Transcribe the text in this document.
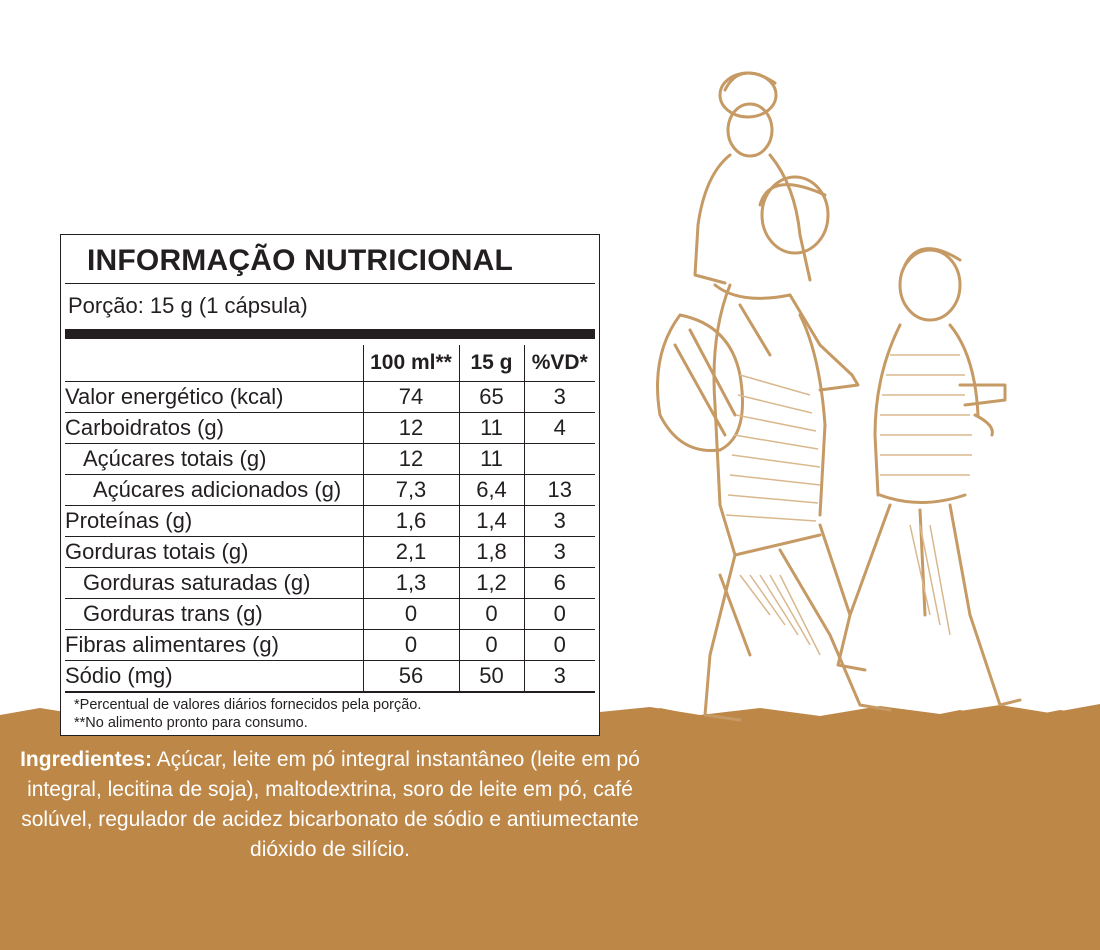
INFORMAÇÃO NUTRICIONAL
Porção: 15 g (1 cápsula)
	100 ml**	15 g	%VD*
Valor energético (kcal)	74	65	3
Carboidratos (g)	12	11	4
Açúcares totais (g)	12	11	
Açúcares adicionados (g)	7,3	6,4	13
Proteínas (g)	1,6	1,4	3
Gorduras totais (g)	2,1	1,8	3
Gorduras saturadas (g)	1,3	1,2	6
Gorduras trans (g)	0	0	0
Fibras alimentares (g)	0	0	0
Sódio (mg)	56	50	3
*Percentual de valores diários fornecidos pela porção.
**No alimento pronto para consumo.
Ingredientes: Açúcar, leite em pó integral instantâneo (leite em pó integral, lecitina de soja), maltodextrina, soro de leite em pó, café solúvel, regulador de acidez bicarbonato de sódio e antiumectante dióxido de silício.
